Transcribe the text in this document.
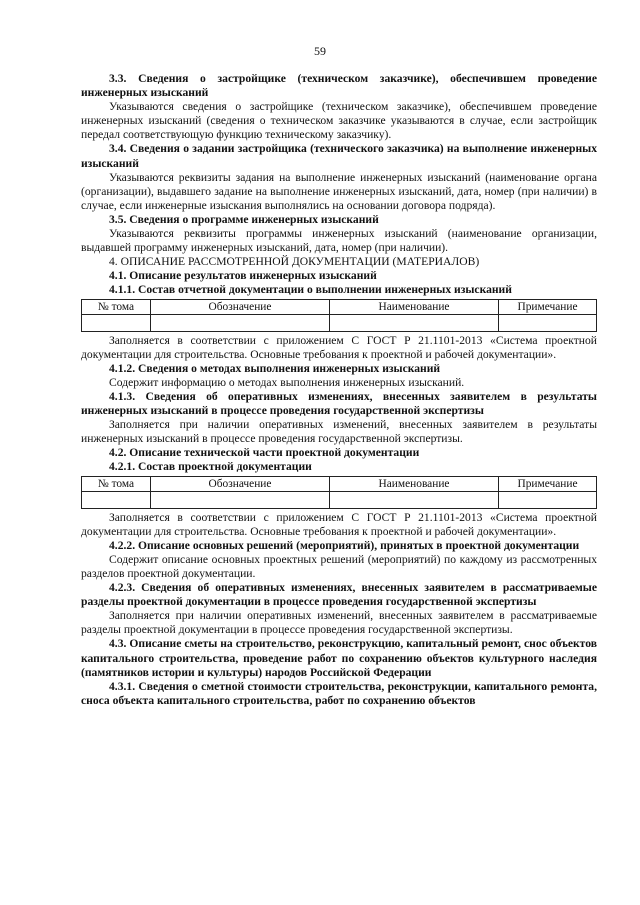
59

3.3. Сведения о застройщике (техническом заказчике), обеспечившем проведение инженерных изысканий

Указываются сведения о застройщике (техническом заказчике), обеспечившем проведение инженерных изысканий (сведения о техническом заказчике указываются в случае, если застройщик передал соответствующую функцию техническому заказчику).

3.4. Сведения о задании застройщика (технического заказчика) на выполнение инженерных изысканий

Указываются реквизиты задания на выполнение инженерных изысканий (наименование органа (организации), выдавшего задание на выполнение инженерных изысканий, дата, номер (при наличии) в случае, если инженерные изыскания выполнялись на основании договора подряда).

3.5. Сведения о программе инженерных изысканий

Указываются реквизиты программы инженерных изысканий (наименование организации, выдавшей программу инженерных изысканий, дата, номер (при наличии).

4. ОПИСАНИЕ РАССМОТРЕННОЙ ДОКУМЕНТАЦИИ (МАТЕРИАЛОВ)

4.1. Описание результатов инженерных изысканий

4.1.1. Состав отчетной документации о выполнении инженерных изысканий

№ тома	Обозначение	Наименование	Примечание

Заполняется в соответствии с приложением С ГОСТ Р 21.1101-2013 «Система проектной документации для строительства. Основные требования к проектной и рабочей документации».

4.1.2. Сведения о методах выполнения инженерных изысканий

Содержит информацию о методах выполнения инженерных изысканий.

4.1.3. Сведения об оперативных изменениях, внесенных заявителем в результаты инженерных изысканий в процессе проведения государственной экспертизы

Заполняется при наличии оперативных изменений, внесенных заявителем в результаты инженерных изысканий в процессе проведения государственной экспертизы.

4.2. Описание технической части проектной документации

4.2.1. Состав проектной документации

№ тома	Обозначение	Наименование	Примечание

Заполняется в соответствии с приложением С ГОСТ Р 21.1101-2013 «Система проектной документации для строительства. Основные требования к проектной и рабочей документации».

4.2.2. Описание основных решений (мероприятий), принятых в проектной документации

Содержит описание основных проектных решений (мероприятий) по каждому из рассмотренных разделов проектной документации.

4.2.3. Сведения об оперативных изменениях, внесенных заявителем в рассматриваемые разделы проектной документации в процессе проведения государственной экспертизы

Заполняется при наличии оперативных изменений, внесенных заявителем в рассматриваемые разделы проектной документации в процессе проведения государственной экспертизы.

4.3. Описание сметы на строительство, реконструкцию, капитальный ремонт, снос объектов капитального строительства, проведение работ по сохранению объектов культурного наследия (памятников истории и культуры) народов Российской Федерации

4.3.1. Сведения о сметной стоимости строительства, реконструкции, капитального ремонта, сноса объекта капитального строительства, работ по сохранению объектов
